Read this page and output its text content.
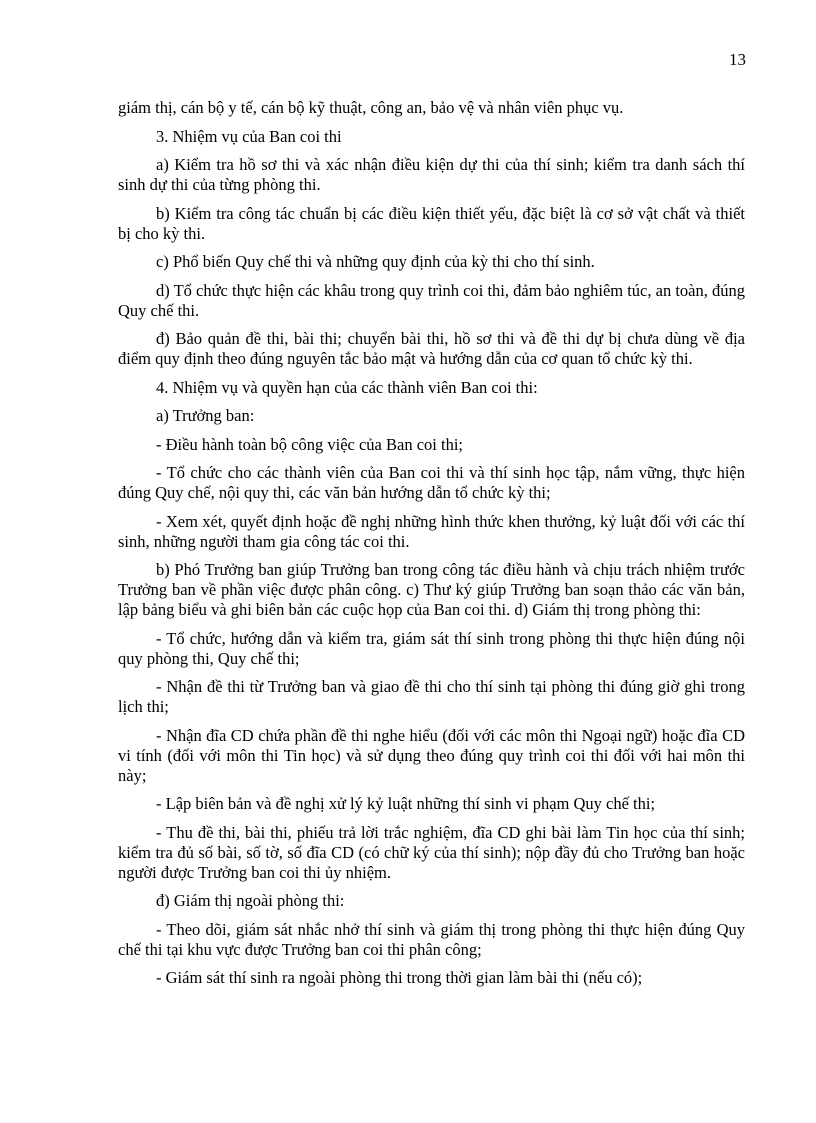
13

giám thị, cán bộ y tế, cán bộ kỹ thuật, công an, bảo vệ và nhân viên phục vụ.

3. Nhiệm vụ của Ban coi thi

a) Kiểm tra hồ sơ thi và xác nhận điều kiện dự thi của thí sinh; kiểm tra danh sách thí sinh dự thi của từng phòng thi.

b) Kiểm tra công tác chuẩn bị các điều kiện thiết yếu, đặc biệt là cơ sở vật chất và thiết bị cho kỳ thi.

c) Phổ biến Quy chế thi và những quy định của kỳ thi cho thí sinh.

d) Tổ chức thực hiện các khâu trong quy trình coi thi, đảm bảo nghiêm túc, an toàn, đúng Quy chế thi.

đ) Bảo quản đề thi, bài thi; chuyển bài thi, hồ sơ thi và đề thi dự bị chưa dùng về địa điểm quy định theo đúng nguyên tắc bảo mật và hướng dẫn của cơ quan tổ chức kỳ thi.

4. Nhiệm vụ và quyền hạn của các thành viên Ban coi thi:

a) Trưởng ban:

- Điều hành toàn bộ công việc của Ban coi thi;

- Tổ chức cho các thành viên của Ban coi thi và thí sinh học tập, nắm vững, thực hiện đúng Quy chế, nội quy thi, các văn bản hướng dẫn tổ chức kỳ thi;

- Xem xét, quyết định hoặc đề nghị những hình thức khen thưởng, kỷ luật đối với các thí sinh, những người tham gia công tác coi thi.

b) Phó Trưởng ban giúp Trưởng ban trong công tác điều hành và chịu trách nhiệm trước Trưởng ban về phần việc được phân công. c) Thư ký giúp Trưởng ban soạn thảo các văn bản, lập bảng biểu và ghi biên bản các cuộc họp của Ban coi thi. d) Giám thị trong phòng thi:

- Tổ chức, hướng dẫn và kiểm tra, giám sát thí sinh trong phòng thi thực hiện đúng nội quy phòng thi, Quy chế thi;

- Nhận đề thi từ Trưởng ban và giao đề thi cho thí sinh tại phòng thi đúng giờ ghi trong lịch thi;

- Nhận đĩa CD chứa phần đề thi nghe hiểu (đối với các môn thi Ngoại ngữ) hoặc đĩa CD vi tính (đối với môn thi Tin học) và sử dụng theo đúng quy trình coi thi đối với hai môn thi này;

- Lập biên bản và đề nghị xử lý kỷ luật những thí sinh vi phạm Quy chế thi;

- Thu đề thi, bài thi, phiếu trả lời trắc nghiệm, đĩa CD ghi bài làm Tin học của thí sinh; kiểm tra đủ số bài, số tờ, số đĩa CD (có chữ ký của thí sinh); nộp đầy đủ cho Trưởng ban hoặc người được Trưởng ban coi thi ủy nhiệm.

đ) Giám thị ngoài phòng thi:

- Theo dõi, giám sát nhắc nhở thí sinh và giám thị trong phòng thi thực hiện đúng Quy chế thi tại khu vực được Trưởng ban coi thi phân công;

- Giám sát thí sinh ra ngoài phòng thi trong thời gian làm bài thi (nếu có);
